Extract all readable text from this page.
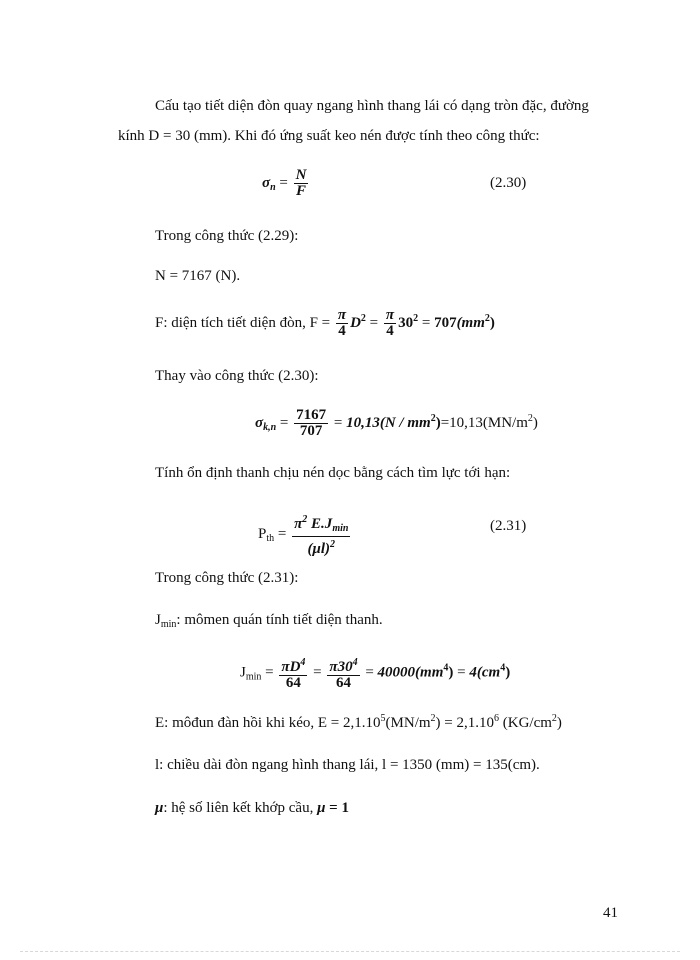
Cấu tạo tiết diện đòn quay ngang hình thang lái có dạng tròn đặc, đường
kính D = 30 (mm). Khi đó ứng suất keo nén được tính theo công thức:
$\sigma_n = \frac{N}{F}$	(2.30)
Trong công thức (2.29):
N = 7167 (N).
F: diện tích tiết diện đòn, $F = \frac{\pi}{4} D^2 = \frac{\pi}{4} 30^2 = 707(mm^2)$
Thay vào công thức (2.30):
$\sigma_{k,n} = \frac{7167}{707} = 10,13(N / mm^2)=10,13(MN/m^2)$
Tính ổn định thanh chịu nén dọc bằng cách tìm lực tới hạn:
$P_{th} = \frac{\pi^2 E.J_{min}}{(\mu l)^2}$	(2.31)
Trong công thức (2.31):
$J_{min}$: mômen quán tính tiết diện thanh.
$J_{min} = \frac{\pi D^4}{64} = \frac{\pi 30^4}{64} = 40000(mm^4) = 4(cm^4)$
E: môđun đàn hồi khi kéo, $E = 2,1.10^5(MN/m^2) = 2,1.10^6$ $(KG/cm^2)$
l: chiều dài đòn ngang hình thang lái, l = 1350 (mm) = 135(cm).
μ: hệ số liên kết khớp cầu, μ = 1
41
